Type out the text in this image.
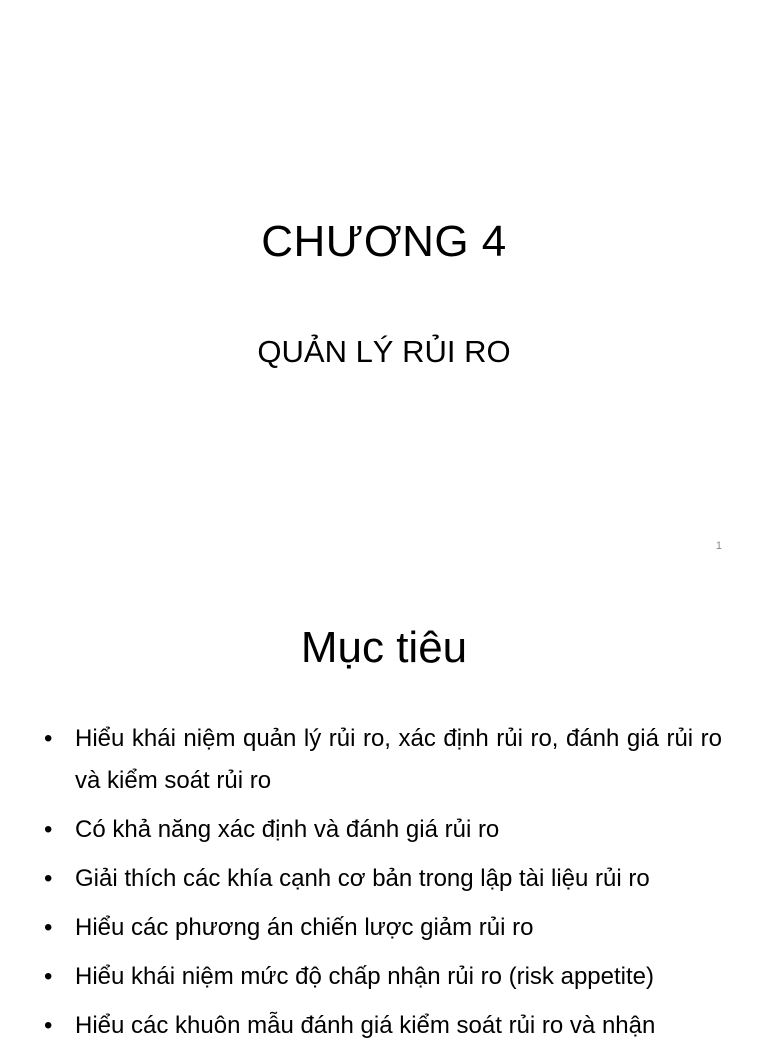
CHƯƠNG 4
QUẢN LÝ RỦI RO
1
Mục tiêu
• Hiểu khái niệm quản lý rủi ro, xác định rủi ro, đánh giá rủi ro và kiểm soát rủi ro
• Có khả năng xác định và đánh giá rủi ro
• Giải thích các khía cạnh cơ bản trong lập tài liệu rủi ro
• Hiểu các phương án chiến lược giảm rủi ro
• Hiểu khái niệm mức độ chấp nhận rủi ro (risk appetite)
• Hiểu các khuôn mẫu đánh giá kiểm soát rủi ro và nhận
